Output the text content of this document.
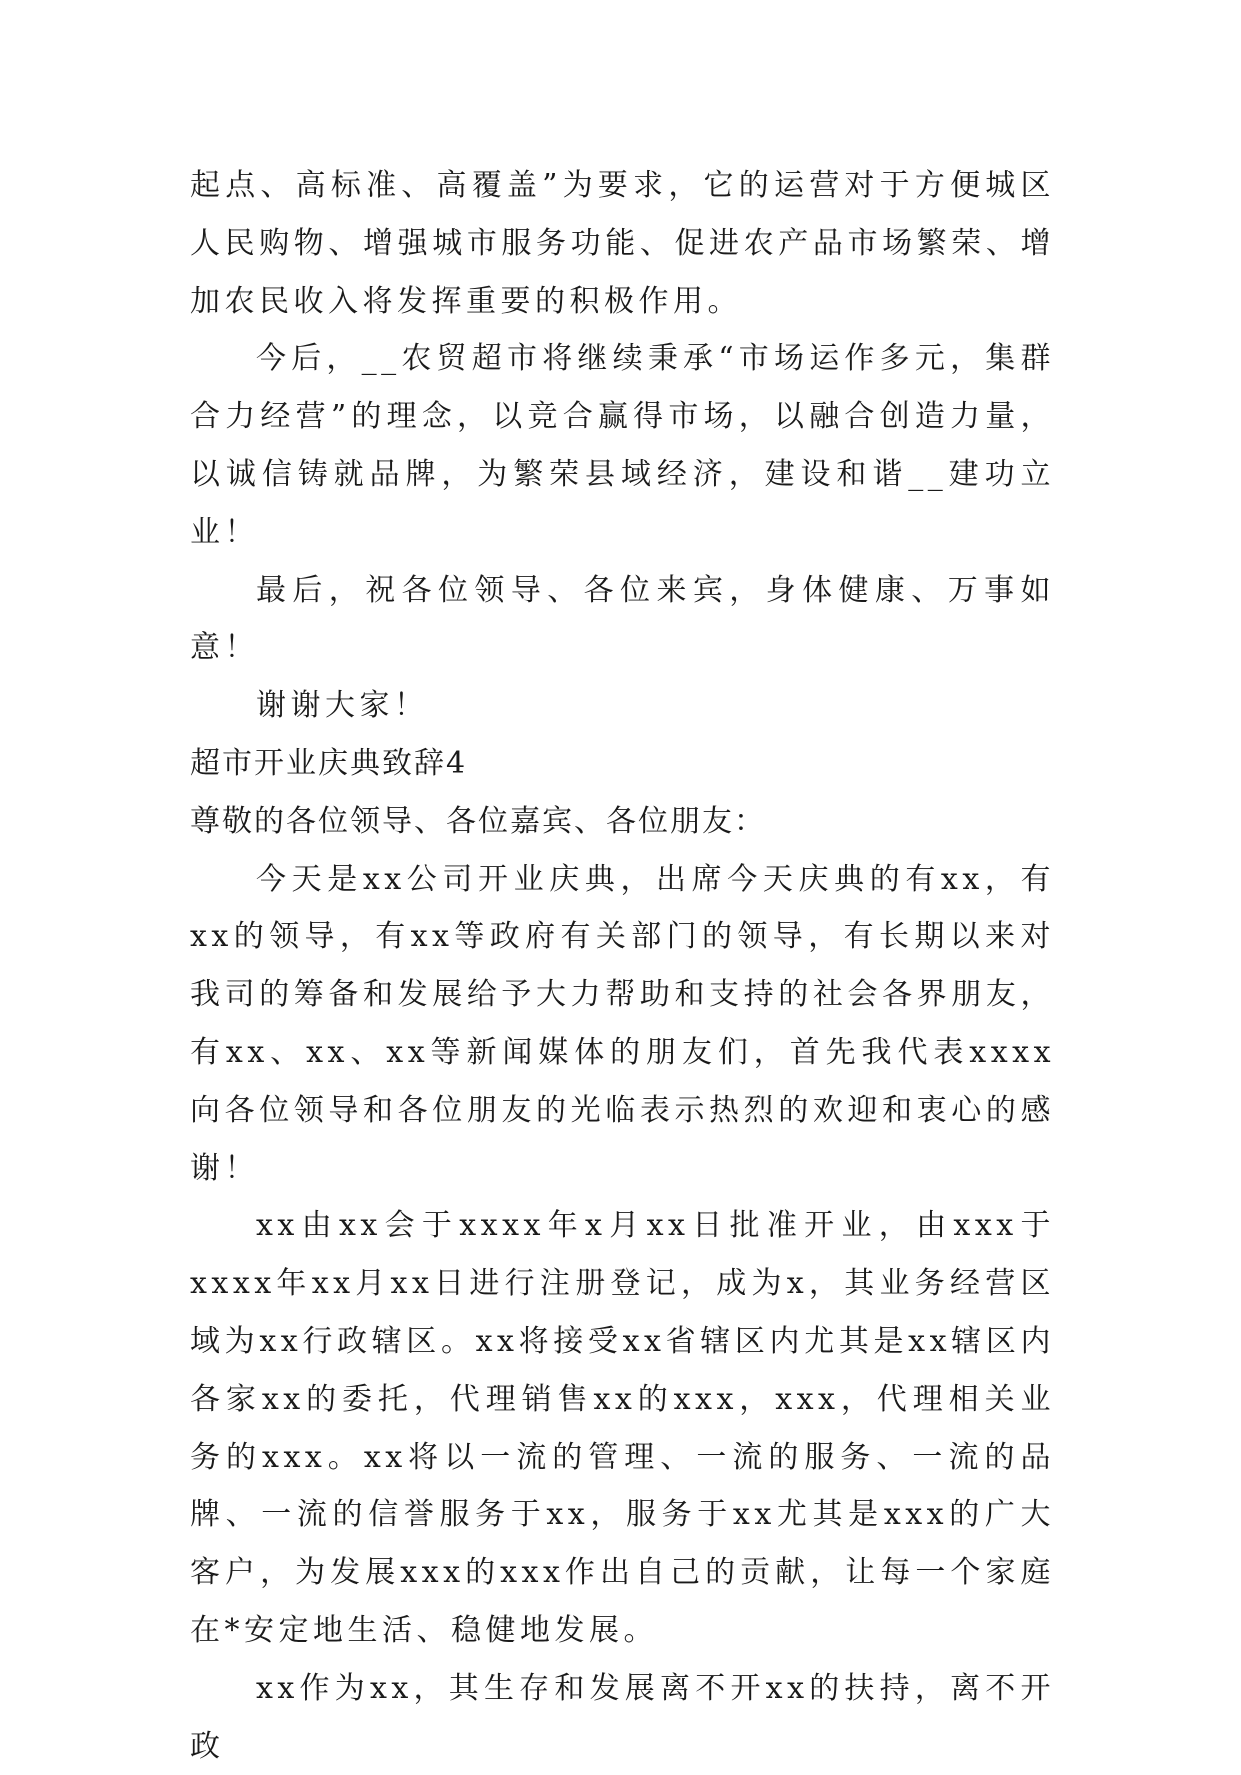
起点、高标准、高覆盖”为要求，它的运营对于方便城区人民购物、增强城市服务功能、促进农产品市场繁荣、增加农民收入将发挥重要的积极作用。

今后，__农贸超市将继续秉承“市场运作多元，集群合力经营”的理念，以竞合赢得市场，以融合创造力量，以诚信铸就品牌，为繁荣县域经济，建设和谐__建功立业！

最后，祝各位领导、各位来宾，身体健康、万事如意！

谢谢大家！

超市开业庆典致辞4

尊敬的各位领导、各位嘉宾、各位朋友：

今天是xx公司开业庆典，出席今天庆典的有xx，有xx的领导，有xx等政府有关部门的领导，有长期以来对我司的筹备和发展给予大力帮助和支持的社会各界朋友，有xx、xx、xx等新闻媒体的朋友们，首先我代表xxxx向各位领导和各位朋友的光临表示热烈的欢迎和衷心的感谢！

xx由xx会于xxxx年x月xx日批准开业，由xxx于xxxx年xx月xx日进行注册登记，成为x，其业务经营区域为xx行政辖区。xx将接受xx省辖区内尤其是xx辖区内各家xx的委托，代理销售xx的xxx，xxx，代理相关业务的xxx。xx将以一流的管理、一流的服务、一流的品牌、一流的信誉服务于xx，服务于xx尤其是xxx的广大客户，为发展xxx的xxx作出自己的贡献，让每一个家庭在*安定地生活、稳健地发展。

xx作为xx，其生存和发展离不开xx的扶持，离不开政
